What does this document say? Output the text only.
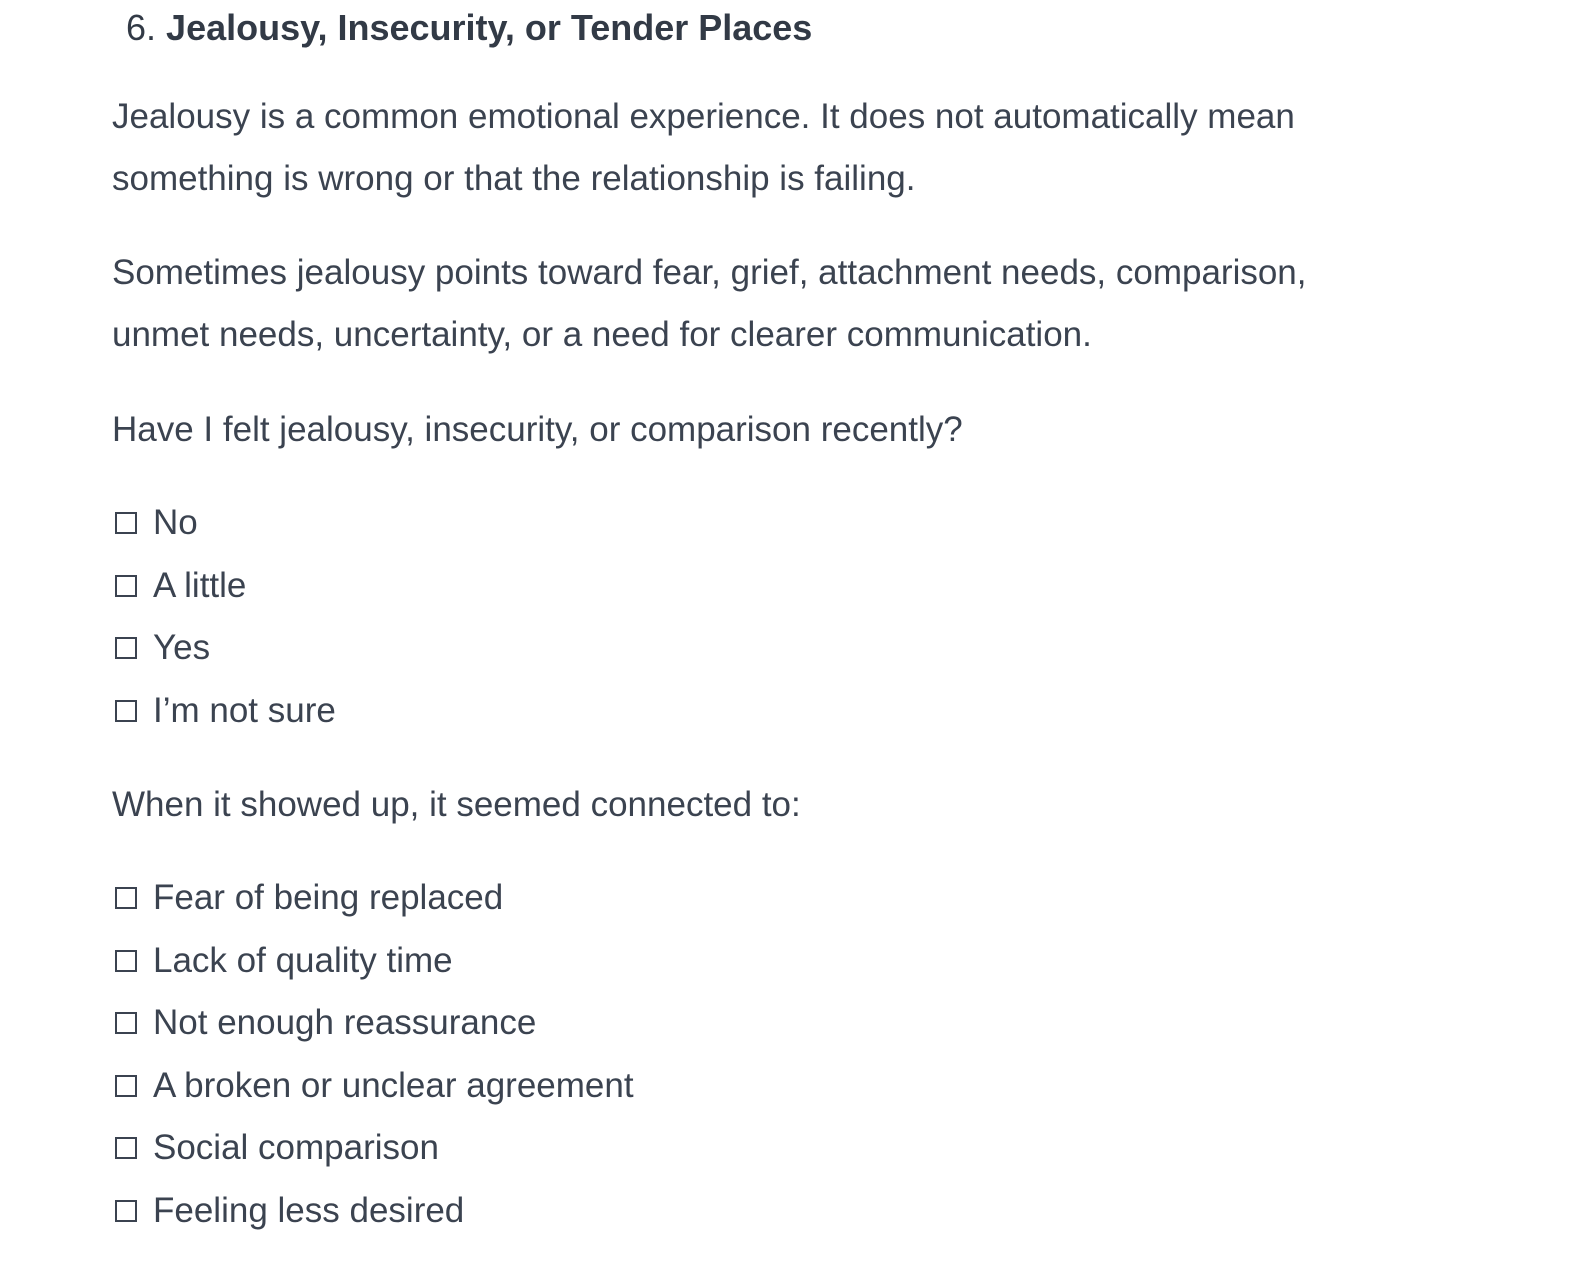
6. Jealousy, Insecurity, or Tender Places

Jealousy is a common emotional experience. It does not automatically mean
something is wrong or that the relationship is failing.

Sometimes jealousy points toward fear, grief, attachment needs, comparison,
unmet needs, uncertainty, or a need for clearer communication.

Have I felt jealousy, insecurity, or comparison recently?

No
A little
Yes
I’m not sure

When it showed up, it seemed connected to:

Fear of being replaced
Lack of quality time
Not enough reassurance
A broken or unclear agreement
Social comparison
Feeling less desired
